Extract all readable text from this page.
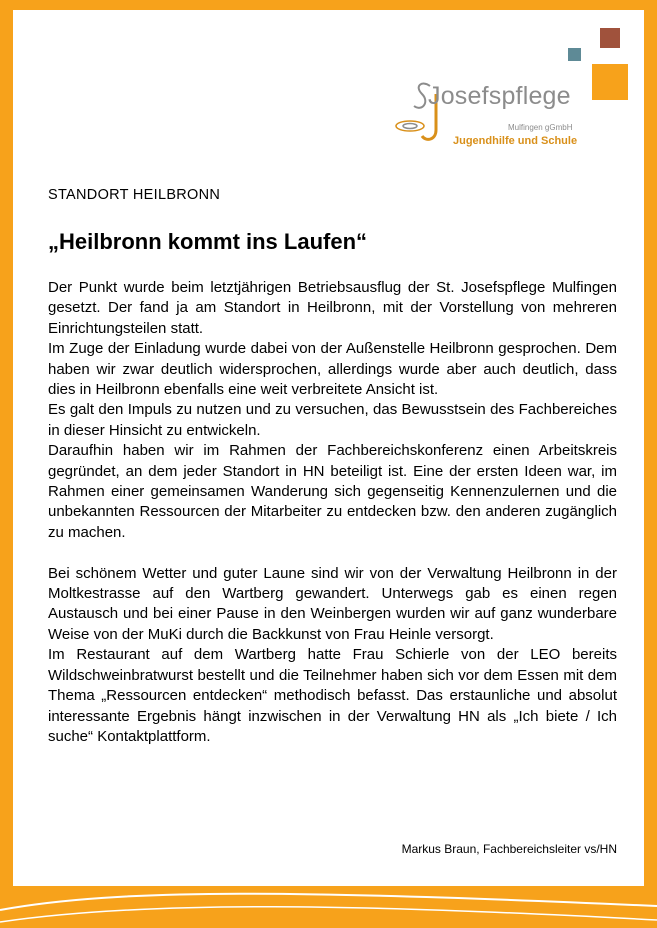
Josefspflege
Mulfingen gGmbH
Jugendhilfe und Schule
STANDORT HEILBRONN
„Heilbronn kommt ins Laufen“

Der Punkt wurde beim letztjährigen Betriebsausflug der St. Josefspflege Mulfingen gesetzt. Der fand ja am Standort in Heilbronn, mit der Vorstellung von mehreren Einrichtungsteilen statt.

Im Zuge der Einladung wurde dabei von der Außenstelle Heilbronn gesprochen. Dem haben wir zwar deutlich widersprochen, allerdings wurde aber auch deutlich, dass dies in Heilbronn ebenfalls eine weit verbreitete Ansicht ist.

Es galt den Impuls zu nutzen und zu versuchen, das Bewusstsein des Fachbereiches in dieser Hinsicht zu entwickeln.

Daraufhin haben wir im Rahmen der Fachbereichskonferenz einen Arbeitskreis gegründet, an dem jeder Standort in HN beteiligt ist. Eine der ersten Ideen war, im Rahmen einer gemeinsamen Wanderung sich gegenseitig Kennenzulernen und die unbekannten Ressourcen der Mitarbeiter zu entdecken bzw. den anderen zugänglich zu machen.

Bei schönem Wetter und guter Laune sind wir von der Verwaltung Heilbronn in der Moltkestrasse auf den Wartberg gewandert. Unterwegs gab es einen regen Austausch und bei einer Pause in den Weinbergen wurden wir auf ganz wunderbare Weise von der MuKi durch die Backkunst von Frau Heinle versorgt.

Im Restaurant auf dem Wartberg hatte Frau Schierle von der LEO bereits Wildschweinbratwurst bestellt und die Teilnehmer haben sich vor dem Essen mit dem Thema „Ressourcen entdecken“ methodisch befasst. Das erstaunliche und absolut interessante Ergebnis hängt inzwischen in der Verwaltung HN als „Ich biete / Ich suche“ Kontaktplattform.

Markus Braun, Fachbereichsleiter vs/HN
